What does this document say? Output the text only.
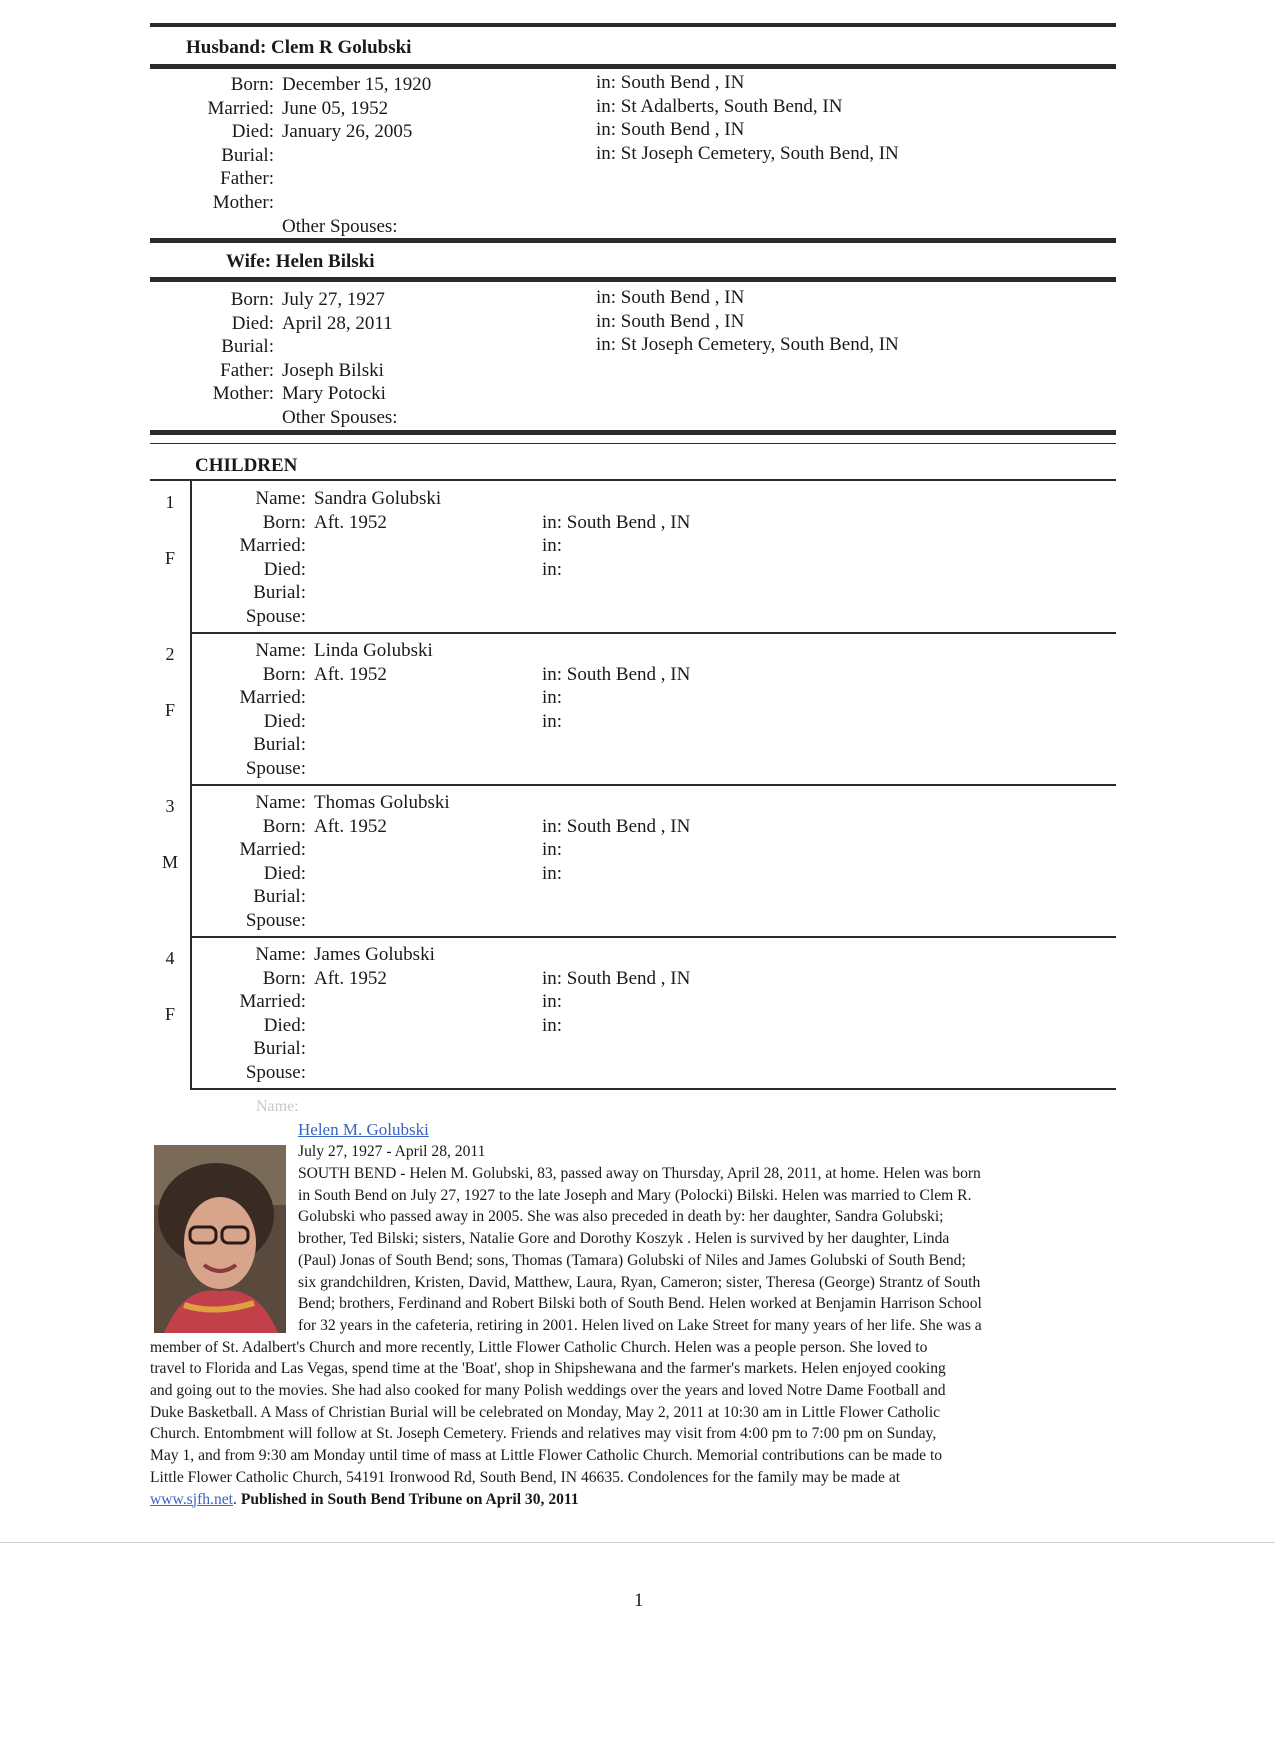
Husband: Clem R Golubski
Born: December 15, 1920	in: South Bend , IN
Married: June 05, 1952	in: St Adalberts, South Bend, IN
Died: January 26, 2005	in: South Bend , IN
Burial:	in: St Joseph Cemetery, South Bend, IN
Father:
Mother:
Other Spouses:
Wife: Helen Bilski
Born: July 27, 1927	in: South Bend , IN
Died: April 28, 2011	in: South Bend , IN
Burial:	in: St Joseph Cemetery, South Bend, IN
Father: Joseph Bilski
Mother: Mary Potocki
Other Spouses:
CHILDREN
1
F
Name: Sandra Golubski
Born: Aft. 1952	in: South Bend , IN
Married:	in:
Died:	in:
Burial:
Spouse:
2
F
Name: Linda Golubski
Born: Aft. 1952	in: South Bend , IN
Married:	in:
Died:	in:
Burial:
Spouse:
3
M
Name: Thomas Golubski
Born: Aft. 1952	in: South Bend , IN
Married:	in:
Died:	in:
Burial:
Spouse:
4
F
Name: James Golubski
Born: Aft. 1952	in: South Bend , IN
Married:	in:
Died:	in:
Burial:
Spouse:
Name:
Helen M. Golubski
July 27, 1927 - April 28, 2011
SOUTH BEND - Helen M. Golubski, 83, passed away on Thursday, April 28, 2011, at home. Helen was born
in South Bend on July 27, 1927 to the late Joseph and Mary (Polocki) Bilski. Helen was married to Clem R.
Golubski who passed away in 2005. She was also preceded in death by: her daughter, Sandra Golubski;
brother, Ted Bilski; sisters, Natalie Gore and Dorothy Koszyk . Helen is survived by her daughter, Linda
(Paul) Jonas of South Bend; sons, Thomas (Tamara) Golubski of Niles and James Golubski of South Bend;
six grandchildren, Kristen, David, Matthew, Laura, Ryan, Cameron; sister, Theresa (George) Strantz of South
Bend; brothers, Ferdinand and Robert Bilski both of South Bend. Helen worked at Benjamin Harrison School
for 32 years in the cafeteria, retiring in 2001. Helen lived on Lake Street for many years of her life. She was a
member of St. Adalbert's Church and more recently, Little Flower Catholic Church. Helen was a people person. She loved to
travel to Florida and Las Vegas, spend time at the 'Boat', shop in Shipshewana and the farmer's markets. Helen enjoyed cooking
and going out to the movies. She had also cooked for many Polish weddings over the years and loved Notre Dame Football and
Duke Basketball. A Mass of Christian Burial will be celebrated on Monday, May 2, 2011 at 10:30 am in Little Flower Catholic
Church. Entombment will follow at St. Joseph Cemetery. Friends and relatives may visit from 4:00 pm to 7:00 pm on Sunday,
May 1, and from 9:30 am Monday until time of mass at Little Flower Catholic Church. Memorial contributions can be made to
Little Flower Catholic Church, 54191 Ironwood Rd, South Bend, IN 46635. Condolences for the family may be made at
www.sjfh.net. Published in South Bend Tribune on April 30, 2011
1
